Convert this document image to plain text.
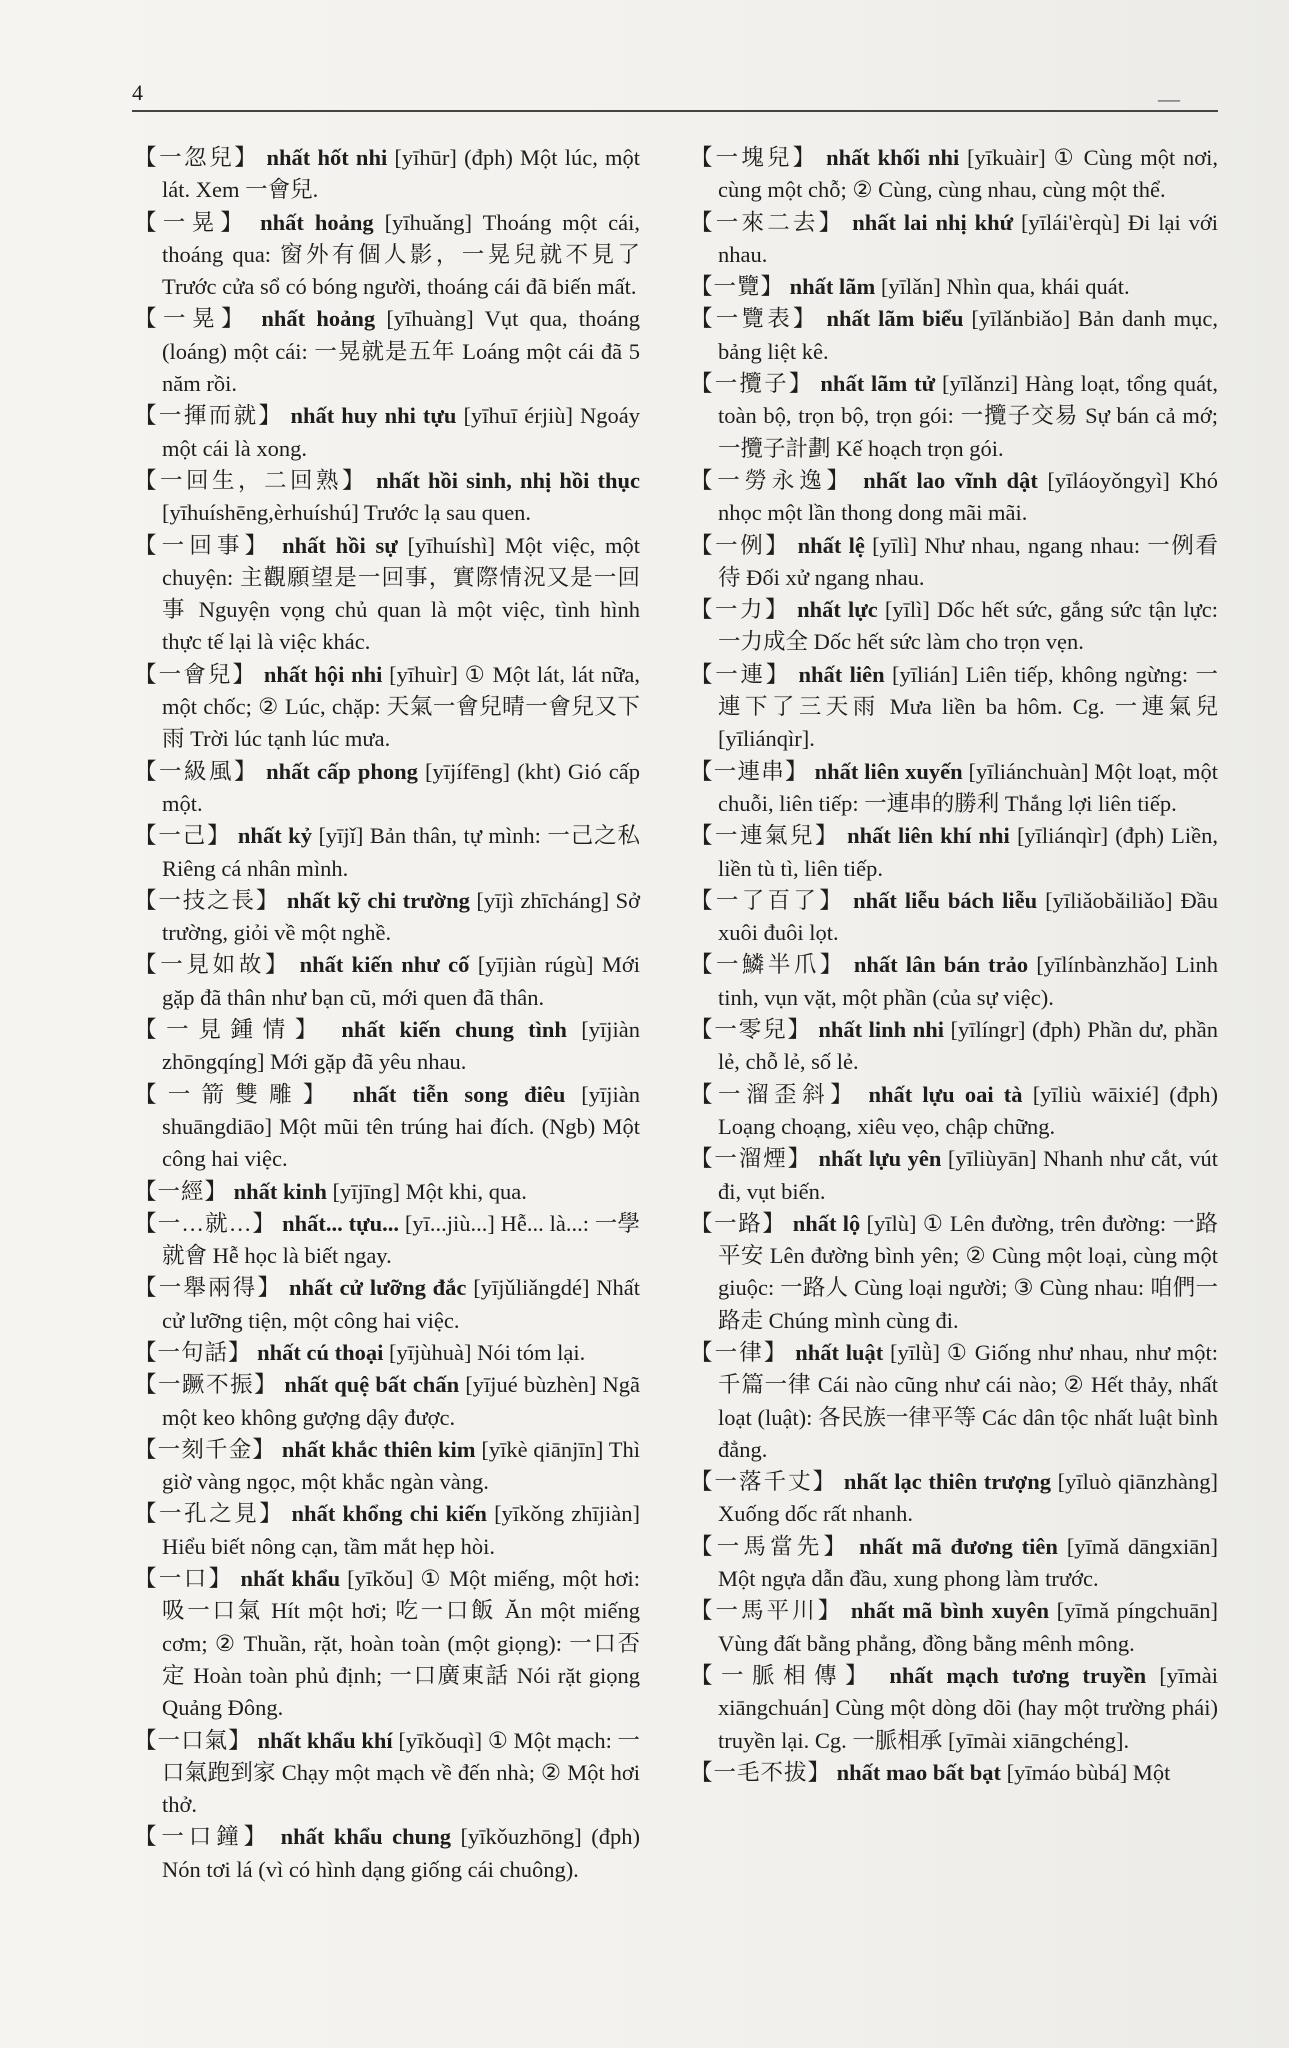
4	—

【一忽兒】 nhất hốt nhi [yīhūr] (đph) Một lúc, một lát. Xem 一會兒.

【一晃】 nhất hoảng [yīhuǎng] Thoáng một cái, thoáng qua: 窗外有個人影，一晃兒就不見了 Trước cửa sổ có bóng người, thoáng cái đã biến mất.

【一晃】 nhất hoảng [yīhuàng] Vụt qua, thoáng (loáng) một cái: 一晃就是五年 Loáng một cái đã 5 năm rồi.

【一揮而就】 nhất huy nhi tựu [yīhuī érjiù] Ngoáy một cái là xong.

【一回生，二回熟】 nhất hồi sinh, nhị hồi thục [yīhuíshēng,èrhuíshú] Trước lạ sau quen.

【一回事】 nhất hồi sự [yīhuíshì] Một việc, một chuyện: 主觀願望是一回事，實際情況又是一回事 Nguyện vọng chủ quan là một việc, tình hình thực tế lại là việc khác.

【一會兒】 nhất hội nhi [yīhuìr] ① Một lát, lát nữa, một chốc; ② Lúc, chặp: 天氣一會兒晴一會兒又下雨 Trời lúc tạnh lúc mưa.

【一級風】 nhất cấp phong [yījífēng] (kht) Gió cấp một.

【一己】 nhất kỷ [yījǐ] Bản thân, tự mình: 一己之私 Riêng cá nhân mình.

【一技之長】 nhất kỹ chi trường [yījì zhīcháng] Sở trường, giỏi về một nghề.

【一見如故】 nhất kiến như cố [yījiàn rúgù] Mới gặp đã thân như bạn cũ, mới quen đã thân.

【一見鍾情】 nhất kiến chung tình [yījiàn zhōngqíng] Mới gặp đã yêu nhau.

【一箭雙雕】 nhất tiễn song điêu [yījiàn shuāngdiāo] Một mũi tên trúng hai đích. (Ngb) Một công hai việc.

【一經】 nhất kinh [yījīng] Một khi, qua.

【一…就…】 nhất... tựu... [yī...jiù...] Hễ... là...: 一學就會 Hễ học là biết ngay.

【一舉兩得】 nhất cử lưỡng đắc [yījǔliǎngdé] Nhất cử lưỡng tiện, một công hai việc.

【一句話】 nhất cú thoại [yījùhuà] Nói tóm lại.

【一蹶不振】 nhất quệ bất chấn [yījué bùzhèn] Ngã một keo không gượng dậy được.

【一刻千金】 nhất khắc thiên kim [yīkè qiānjīn] Thì giờ vàng ngọc, một khắc ngàn vàng.

【一孔之見】 nhất khổng chi kiến [yīkǒng zhījiàn] Hiểu biết nông cạn, tầm mắt hẹp hòi.

【一口】 nhất khẩu [yīkǒu] ① Một miếng, một hơi: 吸一口氣 Hít một hơi; 吃一口飯 Ăn một miếng cơm; ② Thuần, rặt, hoàn toàn (một giọng): 一口否定 Hoàn toàn phủ định; 一口廣東話 Nói rặt giọng Quảng Đông.

【一口氣】 nhất khẩu khí [yīkǒuqì] ① Một mạch: 一口氣跑到家 Chạy một mạch về đến nhà; ② Một hơi thở.

【一口鐘】 nhất khẩu chung [yīkǒuzhōng] (đph) Nón tơi lá (vì có hình dạng giống cái chuông).

【一塊兒】 nhất khối nhi [yīkuàir] ① Cùng một nơi, cùng một chỗ; ② Cùng, cùng nhau, cùng một thể.

【一來二去】 nhất lai nhị khứ [yīlái'èrqù] Đi lại với nhau.

【一覽】 nhất lãm [yīlǎn] Nhìn qua, khái quát.

【一覽表】 nhất lãm biểu [yīlǎnbiǎo] Bản danh mục, bảng liệt kê.

【一攬子】 nhất lãm tử [yīlǎnzi] Hàng loạt, tổng quát, toàn bộ, trọn bộ, trọn gói: 一攬子交易 Sự bán cả mớ; 一攬子計劃 Kế hoạch trọn gói.

【一勞永逸】 nhất lao vĩnh dật [yīláoyǒngyì] Khó nhọc một lần thong dong mãi mãi.

【一例】 nhất lệ [yīlì] Như nhau, ngang nhau: 一例看待 Đối xử ngang nhau.

【一力】 nhất lực [yīlì] Dốc hết sức, gắng sức tận lực: 一力成全 Dốc hết sức làm cho trọn vẹn.

【一連】 nhất liên [yīlián] Liên tiếp, không ngừng: 一連下了三天雨 Mưa liền ba hôm. Cg. 一連氣兒 [yīliánqìr].

【一連串】 nhất liên xuyến [yīliánchuàn] Một loạt, một chuỗi, liên tiếp: 一連串的勝利 Thắng lợi liên tiếp.

【一連氣兒】 nhất liên khí nhi [yīliánqìr] (đph) Liền, liền tù tì, liên tiếp.

【一了百了】 nhất liễu bách liễu [yīliǎobǎiliǎo] Đầu xuôi đuôi lọt.

【一鱗半爪】 nhất lân bán trảo [yīlínbànzhǎo] Linh tinh, vụn vặt, một phần (của sự việc).

【一零兒】 nhất linh nhi [yīlíngr] (đph) Phần dư, phần lẻ, chỗ lẻ, số lẻ.

【一溜歪斜】 nhất lựu oai tà [yīliù wāixié] (đph) Loạng choạng, xiêu vẹo, chập chững.

【一溜煙】 nhất lựu yên [yīliùyān] Nhanh như cắt, vút đi, vụt biến.

【一路】 nhất lộ [yīlù] ① Lên đường, trên đường: 一路平安 Lên đường bình yên; ② Cùng một loại, cùng một giuộc: 一路人 Cùng loại người; ③ Cùng nhau: 咱們一路走 Chúng mình cùng đi.

【一律】 nhất luật [yīlǜ] ① Giống như nhau, như một: 千篇一律 Cái nào cũng như cái nào; ② Hết thảy, nhất loạt (luật): 各民族一律平等 Các dân tộc nhất luật bình đẳng.

【一落千丈】 nhất lạc thiên trượng [yīluò qiānzhàng] Xuống dốc rất nhanh.

【一馬當先】 nhất mã đương tiên [yīmǎ dāngxiān] Một ngựa dẫn đầu, xung phong làm trước.

【一馬平川】 nhất mã bình xuyên [yīmǎ píngchuān] Vùng đất bằng phẳng, đồng bằng mênh mông.

【一脈相傳】 nhất mạch tương truyền [yīmài xiāngchuán] Cùng một dòng dõi (hay một trường phái) truyền lại. Cg. 一脈相承 [yīmài xiāngchéng].

【一毛不拔】 nhất mao bất bạt [yīmáo bùbá] Một
